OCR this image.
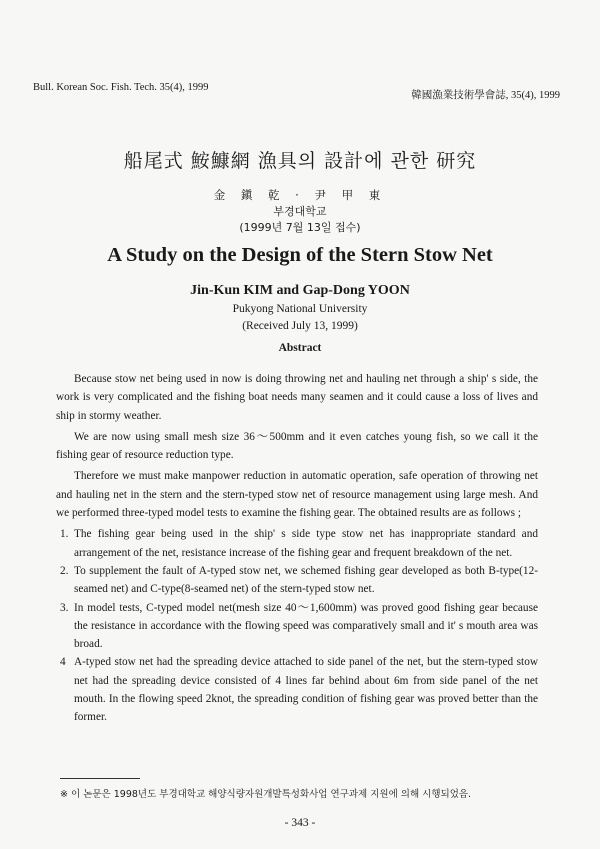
Bull. Korean Soc. Fish. Tech. 35(4), 1999
韓國漁業技術學會誌, 35(4), 1999
船尾式 鮟鱇網 漁具의 設計에 관한 研究
金 鎭 乾 · 尹 甲 東
부경대학교
(1999년 7월 13일 접수)
A Study on the Design of the Stern Stow Net
Jin-Kun KIM and Gap-Dong YOON
Pukyong National University
(Received July 13, 1999)
Abstract

Because stow net being used in now is doing throwing net and hauling net through a ship' s side, the work is very complicated and the fishing boat needs many seamen and it could cause a loss of lives and ship in stormy weather.

We are now using small mesh size 36～500mm and it even catches young fish, so we call it the fishing gear of resource reduction type.

Therefore we must make manpower reduction in automatic operation, safe operation of throwing net and hauling net in the stern and the stern-typed stow net of resource management using large mesh. And we performed three-typed model tests to examine the fishing gear. The obtained results are as follows ;

1. The fishing gear being used in the ship' s side type stow net has inappropriate standard and arrangement of the net, resistance increase of the fishing gear and frequent breakdown of the net.
2. To supplement the fault of A-typed stow net, we schemed fishing gear developed as both B-type(12-seamed net) and C-type(8-seamed net) of the stern-typed stow net.
3. In model tests, C-typed model net(mesh size 40～1,600mm) was proved good fishing gear because the resistance in accordance with the flowing speed was comparatively small and it' s mouth area was broad.
4 A-typed stow net had the spreading device attached to side panel of the net, but the stern-typed stow net had the spreading device consisted of 4 lines far behind about 6m from side panel of the net mouth. In the flowing speed 2knot, the spreading condition of fishing gear was proved better than the former.
※ 이 논문은 1998년도 부경대학교 해양식량자원개발특성화사업 연구과제 지원에 의해 시행되었음.
- 343 -
